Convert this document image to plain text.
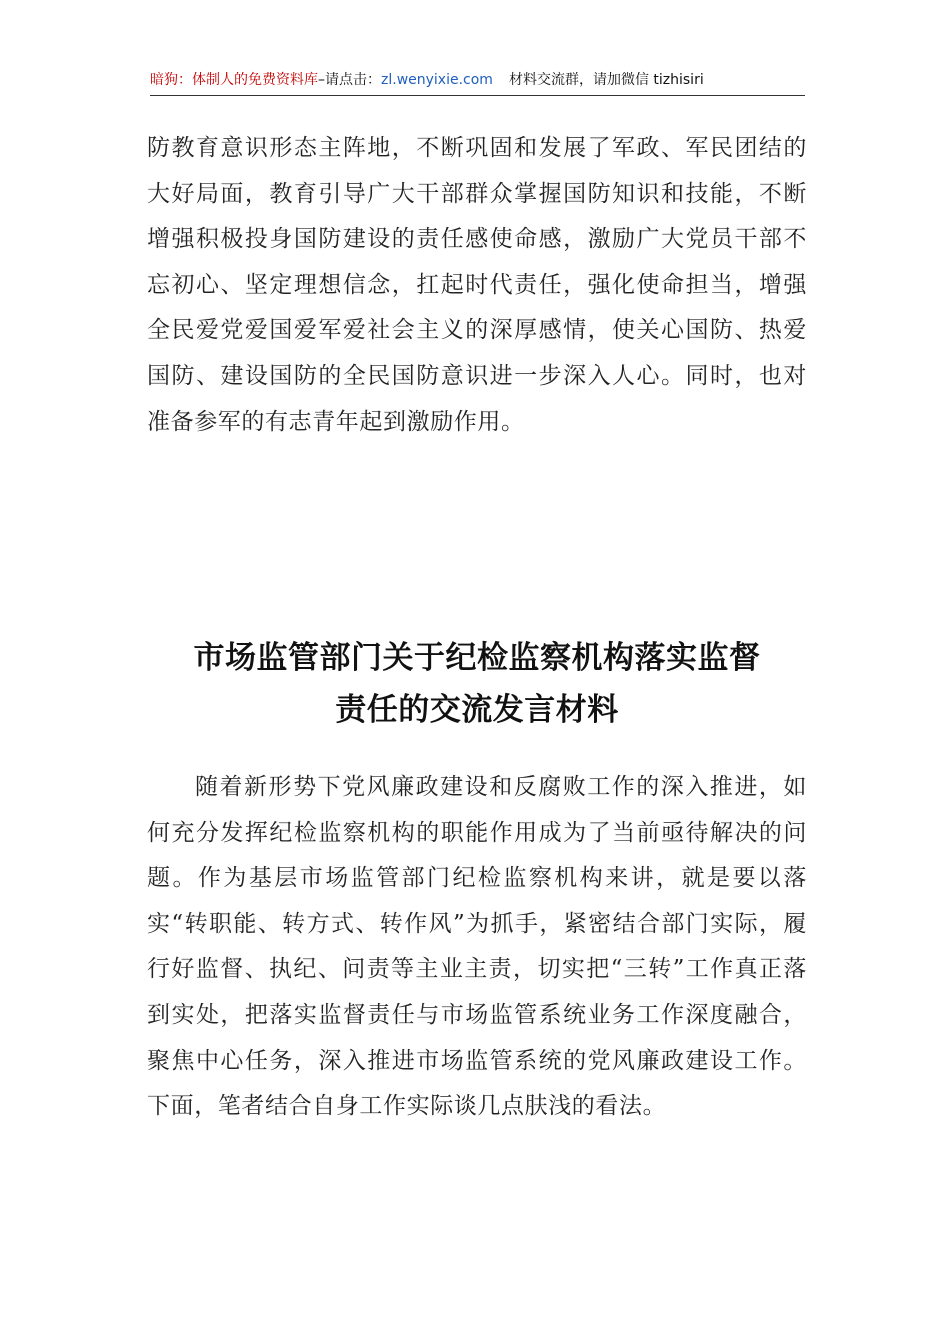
暗狗：体制人的免费资料库–请点击：zl.wenyixie.com 材料交流群，请加微信 tizhisiri

防教育意识形态主阵地，不断巩固和发展了军政、军民团结的大好局面，教育引导广大干部群众掌握国防知识和技能，不断增强积极投身国防建设的责任感使命感，激励广大党员干部不忘初心、坚定理想信念，扛起时代责任，强化使命担当，增强全民爱党爱国爱军爱社会主义的深厚感情，使关心国防、热爱国防、建设国防的全民国防意识进一步深入人心。同时，也对准备参军的有志青年起到激励作用。

市场监管部门关于纪检监察机构落实监督
责任的交流发言材料

随着新形势下党风廉政建设和反腐败工作的深入推进，如何充分发挥纪检监察机构的职能作用成为了当前亟待解决的问题。作为基层市场监管部门纪检监察机构来讲，就是要以落实“转职能、转方式、转作风”为抓手，紧密结合部门实际，履行好监督、执纪、问责等主业主责，切实把“三转”工作真正落到实处，把落实监督责任与市场监管系统业务工作深度融合，聚焦中心任务，深入推进市场监管系统的党风廉政建设工作。下面，笔者结合自身工作实际谈几点肤浅的看法。
